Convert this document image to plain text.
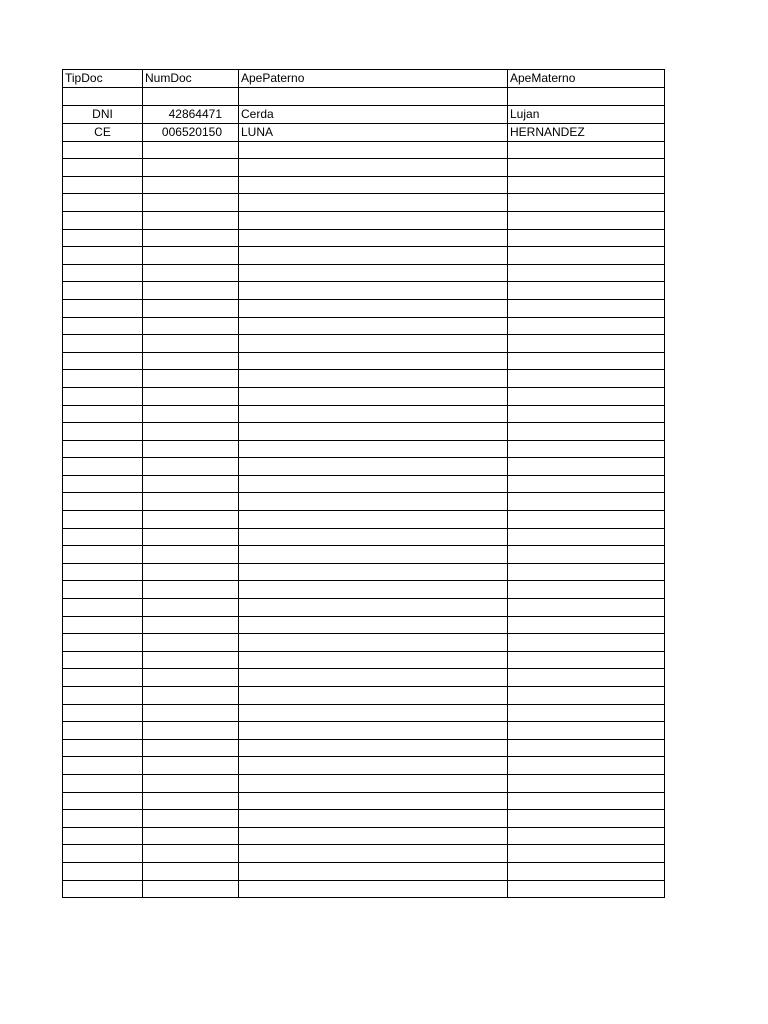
TipDoc	NumDoc	ApePaterno	ApeMaterno

DNI	42864471	Cerda	Lujan
CE	006520150	LUNA	HERNANDEZ
